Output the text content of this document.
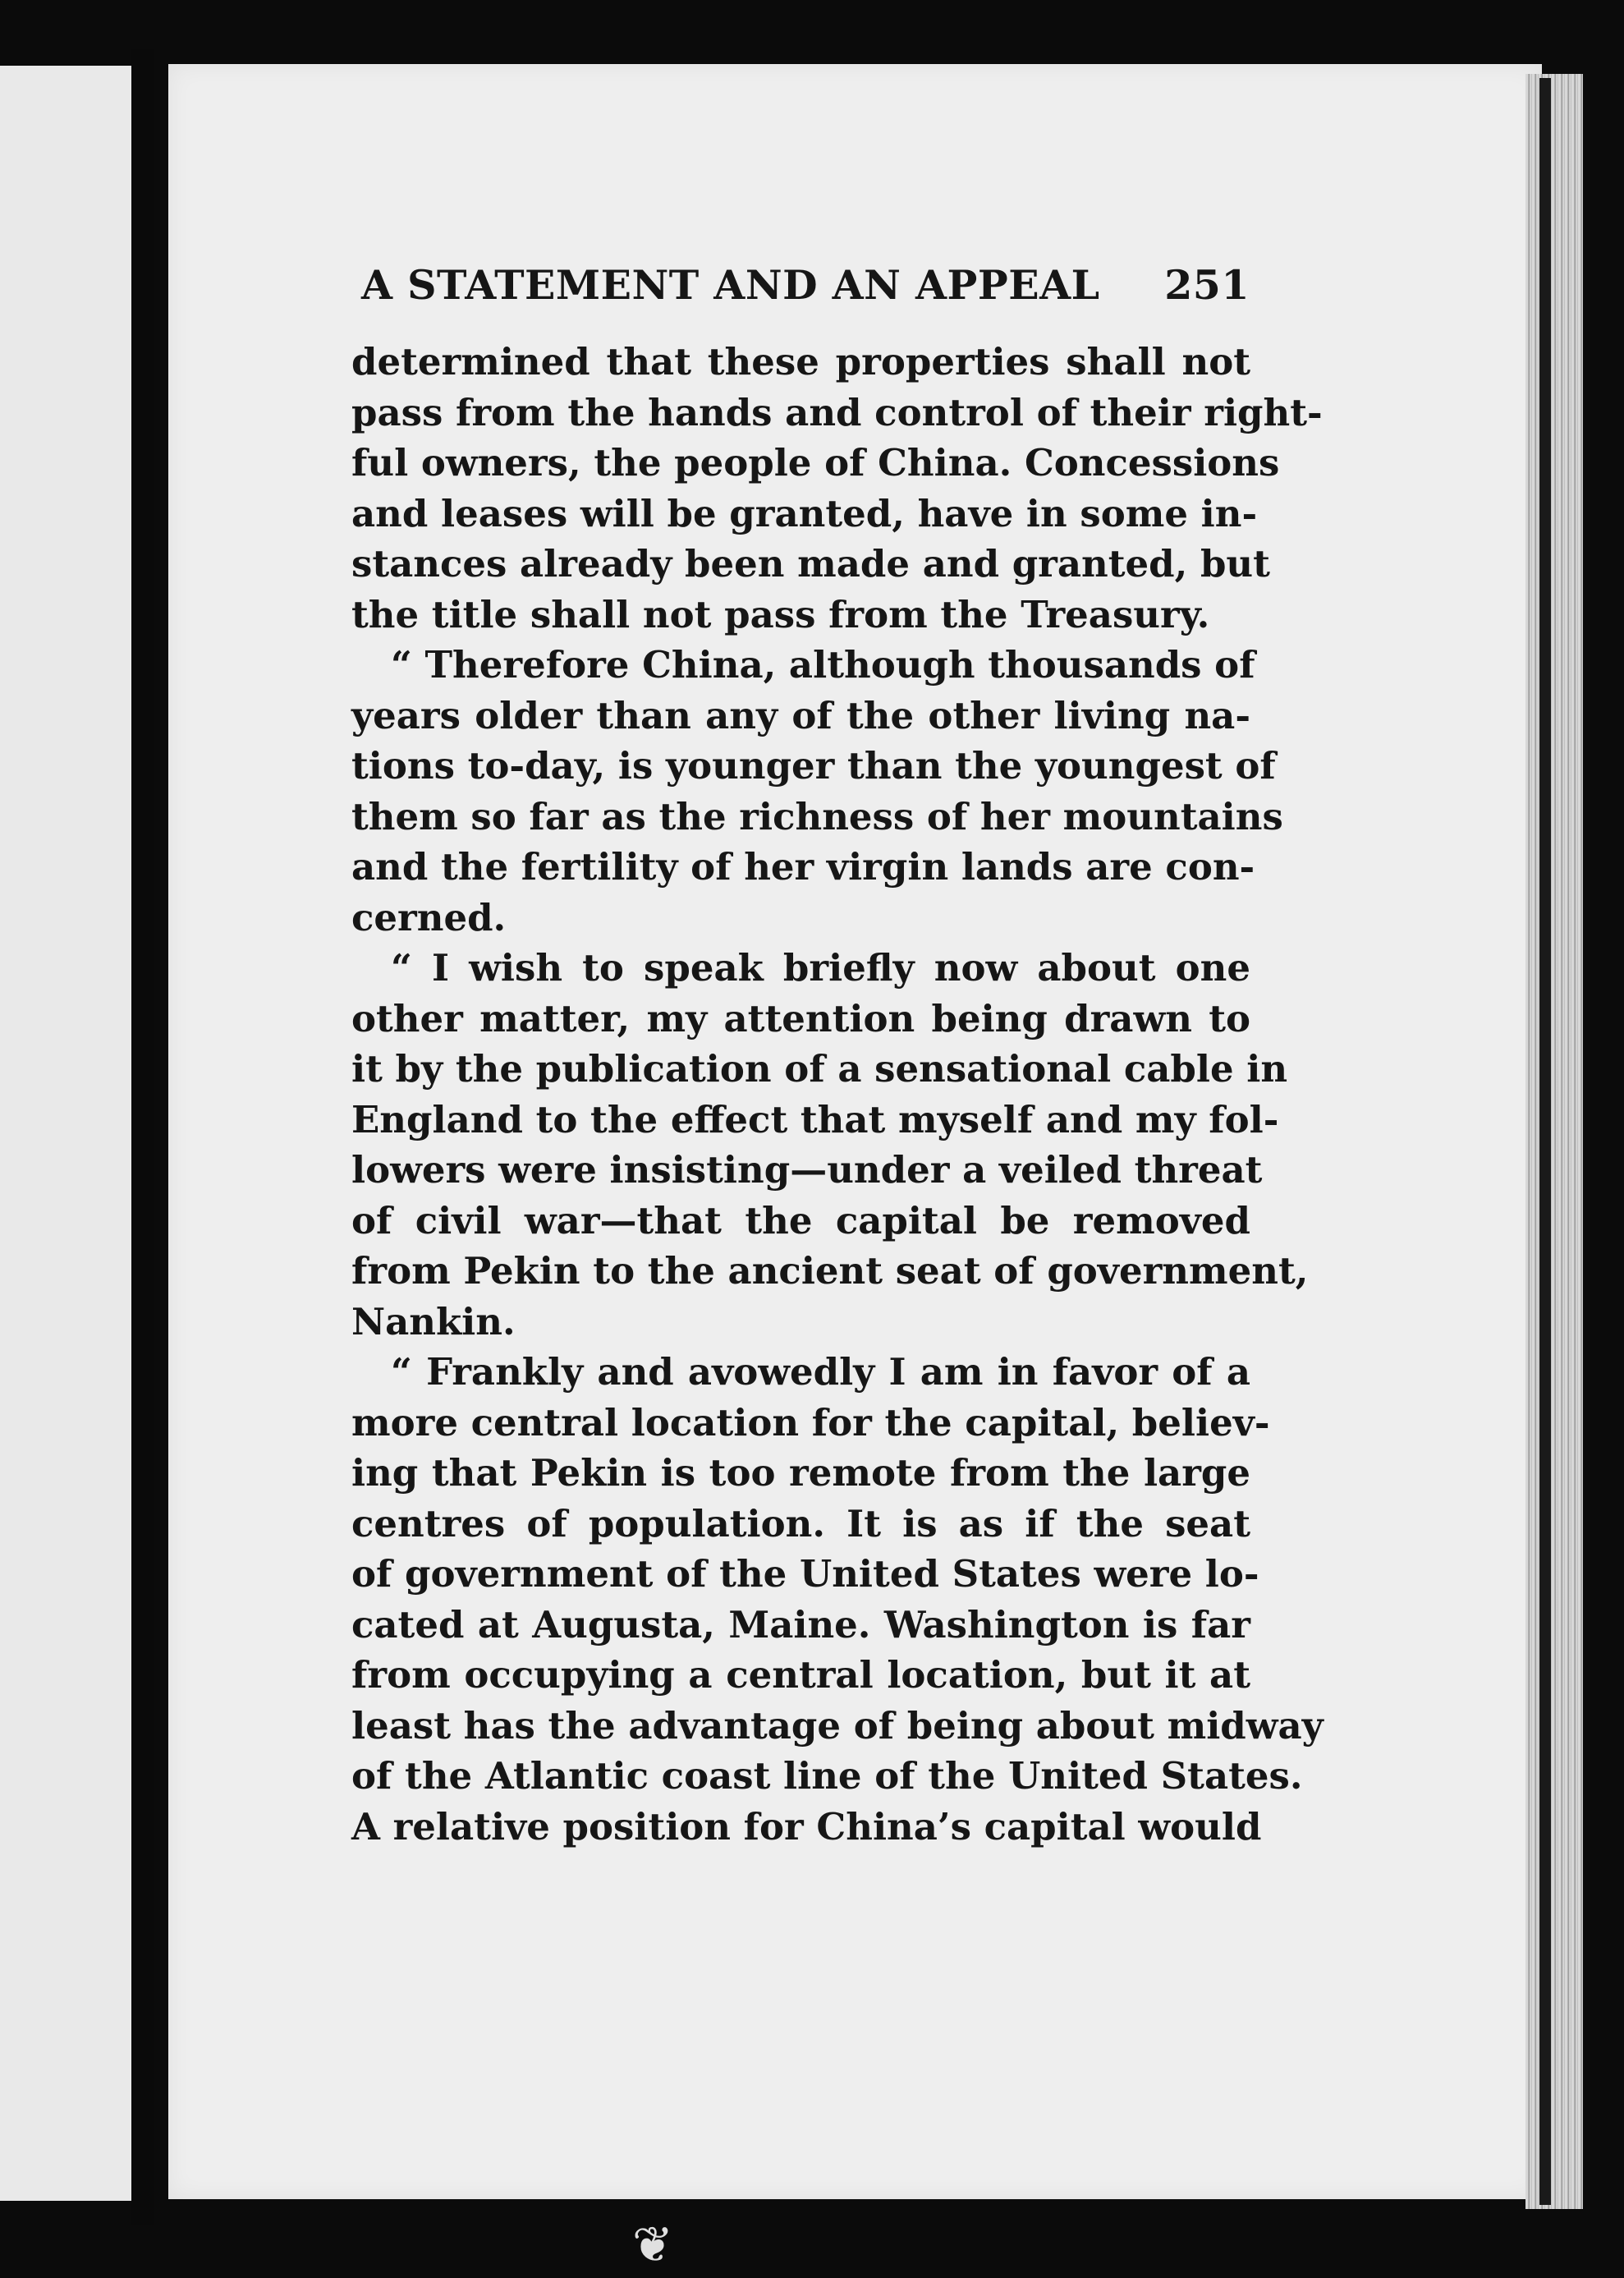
A STATEMENT AND AN APPEAL 251
determined that these properties shall not
pass from the hands and control of their right-
ful owners, the people of China. Concessions
and leases will be granted, have in some in-
stances already been made and granted, but
the title shall not pass from the Treasury.
“ Therefore China, although thousands of
years older than any of the other living na-
tions to-day, is younger than the youngest of
them so far as the richness of her mountains
and the fertility of her virgin lands are con-
cerned.
“ I wish to speak briefly now about one
other matter, my attention being drawn to
it by the publication of a sensational cable in
England to the effect that myself and my fol-
lowers were insisting—under a veiled threat
of civil war—that the capital be removed
from Pekin to the ancient seat of government,
Nankin.
“ Frankly and avowedly I am in favor of a
more central location for the capital, believ-
ing that Pekin is too remote from the large
centres of population. It is as if the seat
of government of the United States were lo-
cated at Augusta, Maine. Washington is far
from occupying a central location, but it at
least has the advantage of being about midway
of the Atlantic coast line of the United States.
A relative position for China’s capital would
❦
